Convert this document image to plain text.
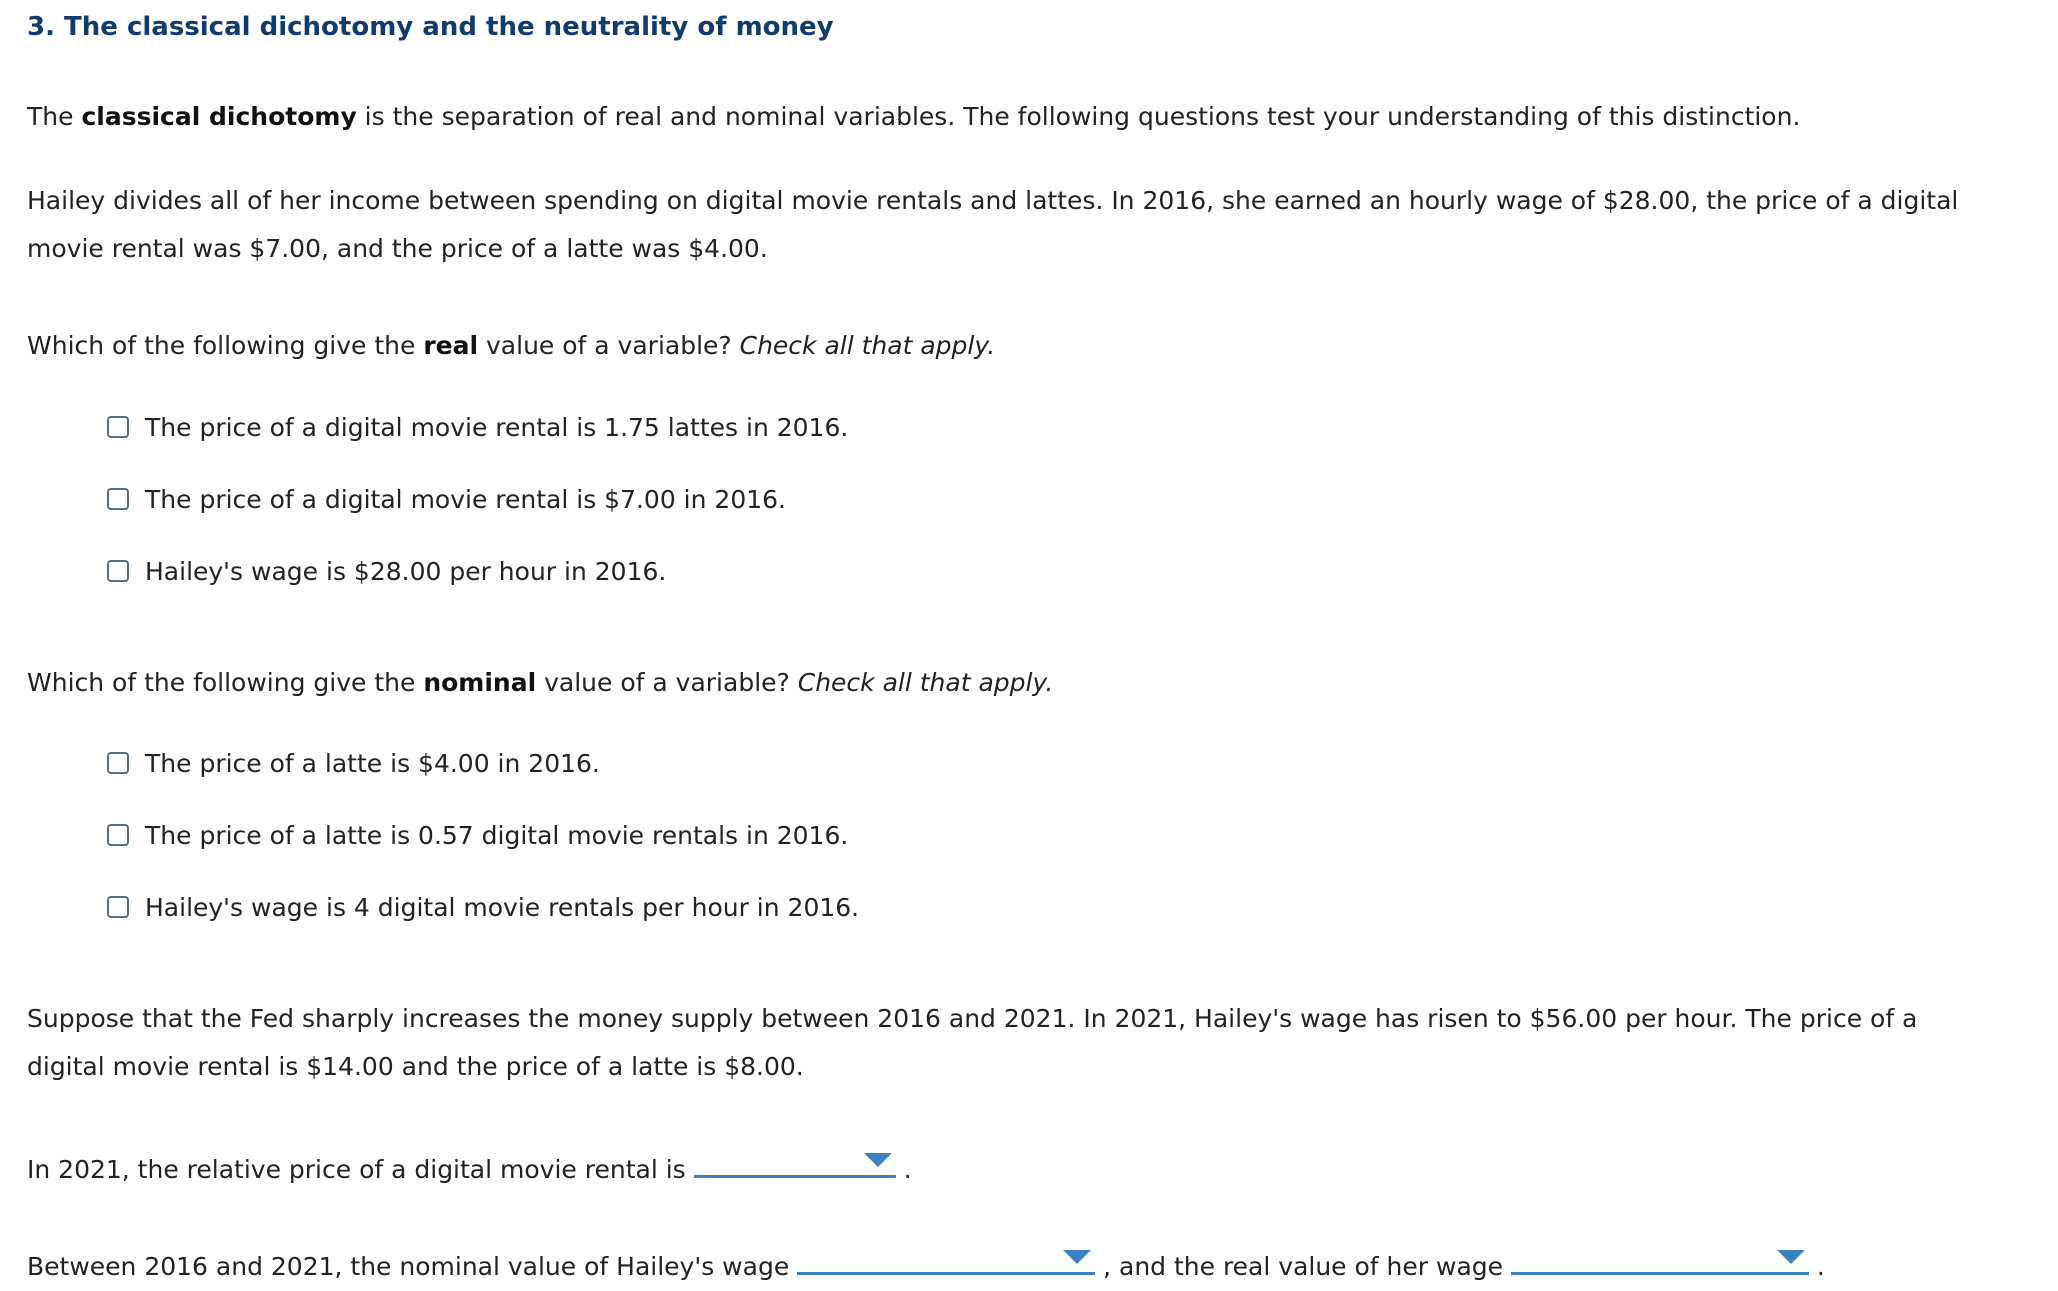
3. The classical dichotomy and the neutrality of money
The classical dichotomy is the separation of real and nominal variables. The following questions test your understanding of this distinction.
Hailey divides all of her income between spending on digital movie rentals and lattes. In 2016, she earned an hourly wage of $28.00, the price of a digital
movie rental was $7.00, and the price of a latte was $4.00.
Which of the following give the real value of a variable? Check all that apply.
The price of a digital movie rental is 1.75 lattes in 2016.
The price of a digital movie rental is $7.00 in 2016.
Hailey's wage is $28.00 per hour in 2016.
Which of the following give the nominal value of a variable? Check all that apply.
The price of a latte is $4.00 in 2016.
The price of a latte is 0.57 digital movie rentals in 2016.
Hailey's wage is 4 digital movie rentals per hour in 2016.
Suppose that the Fed sharply increases the money supply between 2016 and 2021. In 2021, Hailey's wage has risen to $56.00 per hour. The price of a
digital movie rental is $14.00 and the price of a latte is $8.00.
In 2021, the relative price of a digital movie rental is	.
Between 2016 and 2021, the nominal value of Hailey's wage	, and the real value of her wage	.
